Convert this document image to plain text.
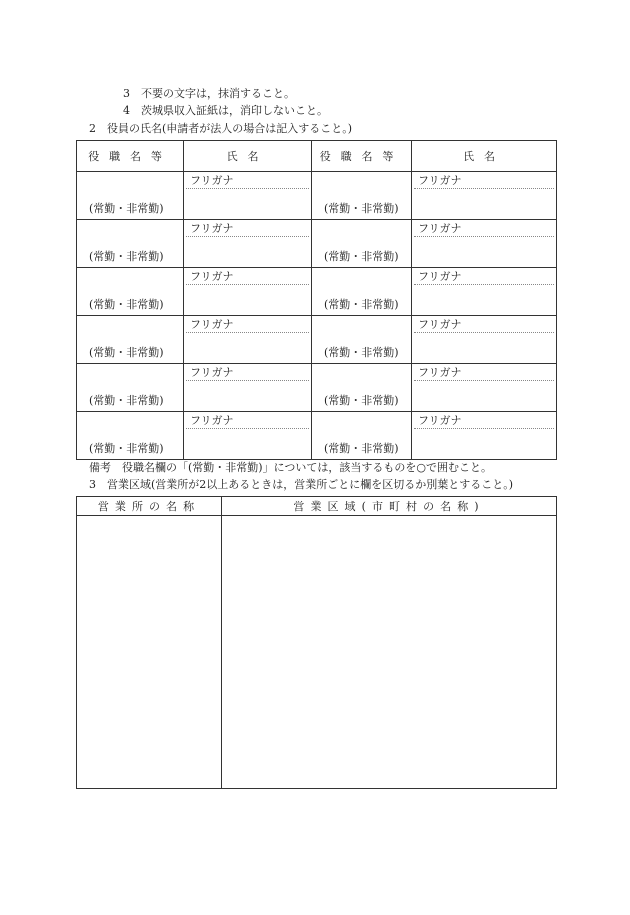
3　不要の文字は，抹消すること。
4　茨城県収入証紙は，消印しないこと。
2　役員の氏名(申請者が法人の場合は記入すること。)
役職名等	氏名	役職名等	氏名

(常勤・非常勤)	フリガナ	(常勤・非常勤)	フリガナ

(常勤・非常勤)	フリガナ	(常勤・非常勤)	フリガナ

(常勤・非常勤)	フリガナ	(常勤・非常勤)	フリガナ

(常勤・非常勤)	フリガナ	(常勤・非常勤)	フリガナ

(常勤・非常勤)	フリガナ	(常勤・非常勤)	フリガナ

(常勤・非常勤)	フリガナ	(常勤・非常勤)	フリガナ
備考　役職名欄の「(常勤・非常勤)」については，該当するものを○で囲むこと。
3　営業区域(営業所が2以上あるときは，営業所ごとに欄を区切るか別葉とすること。)
営業所の名称	営業区域(市町村の名称)
